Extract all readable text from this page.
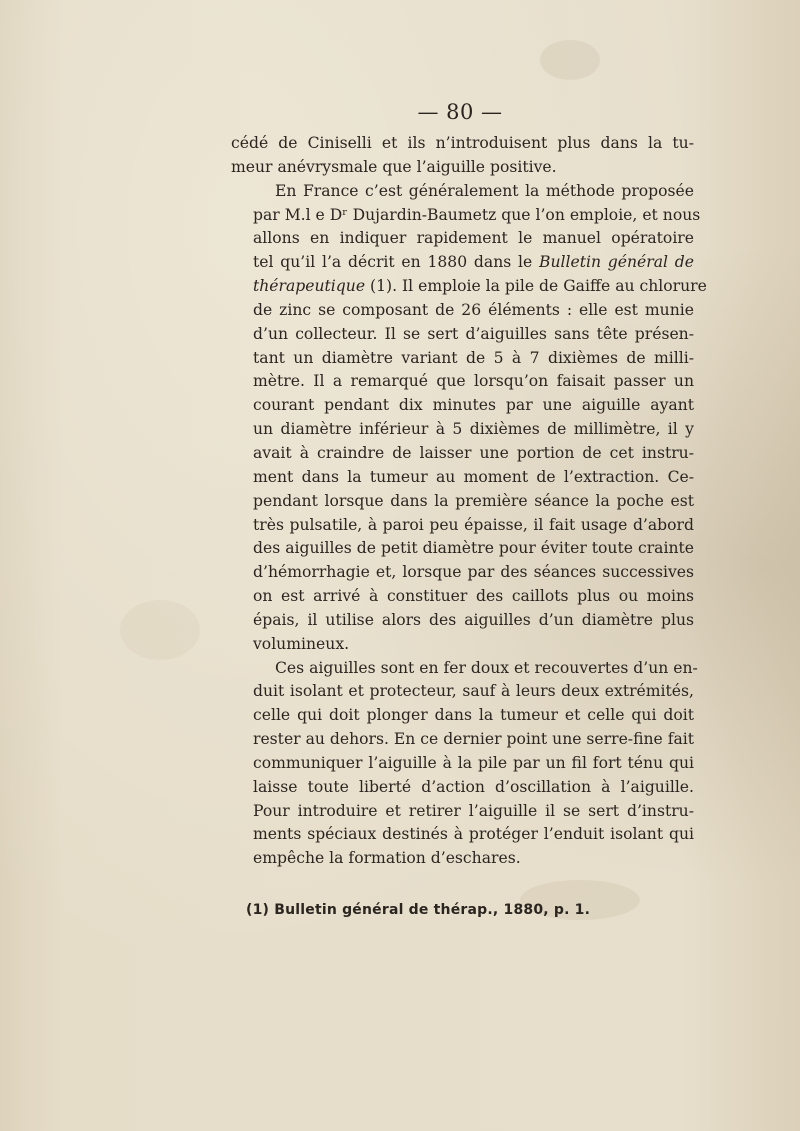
— 80 —
cédé de Ciniselli et ils n’introduisent plus dans la tu-
meur anévrysmale que l’aiguille positive.
En France c’est généralement la méthode proposée
par M.l e Dʳ Dujardin-Baumetz que l’on emploie, et nous
allons en indiquer rapidement le manuel opératoire
tel qu’il l’a décrit en 1880 dans le Bulletin général de
thérapeutique (1). Il emploie la pile de Gaiffe au chlorure
de zinc se composant de 26 éléments : elle est munie
d’un collecteur. Il se sert d’aiguilles sans tête présen-
tant un diamètre variant de 5 à 7 dixièmes de milli-
mètre. Il a remarqué que lorsqu’on faisait passer un
courant pendant dix minutes par une aiguille ayant
un diamètre inférieur à 5 dixièmes de millimètre, il y
avait à craindre de laisser une portion de cet instru-
ment dans la tumeur au moment de l’extraction. Ce-
pendant lorsque dans la première séance la poche est
très pulsatile, à paroi peu épaisse, il fait usage d’abord
des aiguilles de petit diamètre pour éviter toute crainte
d’hémorrhagie et, lorsque par des séances successives
on est arrivé à constituer des caillots plus ou moins
épais, il utilise alors des aiguilles d’un diamètre plus
volumineux.
Ces aiguilles sont en fer doux et recouvertes d’un en-
duit isolant et protecteur, sauf à leurs deux extrémités,
celle qui doit plonger dans la tumeur et celle qui doit
rester au dehors. En ce dernier point une serre-fine fait
communiquer l’aiguille à la pile par un fil fort ténu qui
laisse toute liberté d’action d’oscillation à l’aiguille.
Pour introduire et retirer l’aiguille il se sert d’instru-
ments spéciaux destinés à protéger l’enduit isolant qui
empêche la formation d’eschares.
(1) Bulletin général de thérap., 1880, p. 1.
